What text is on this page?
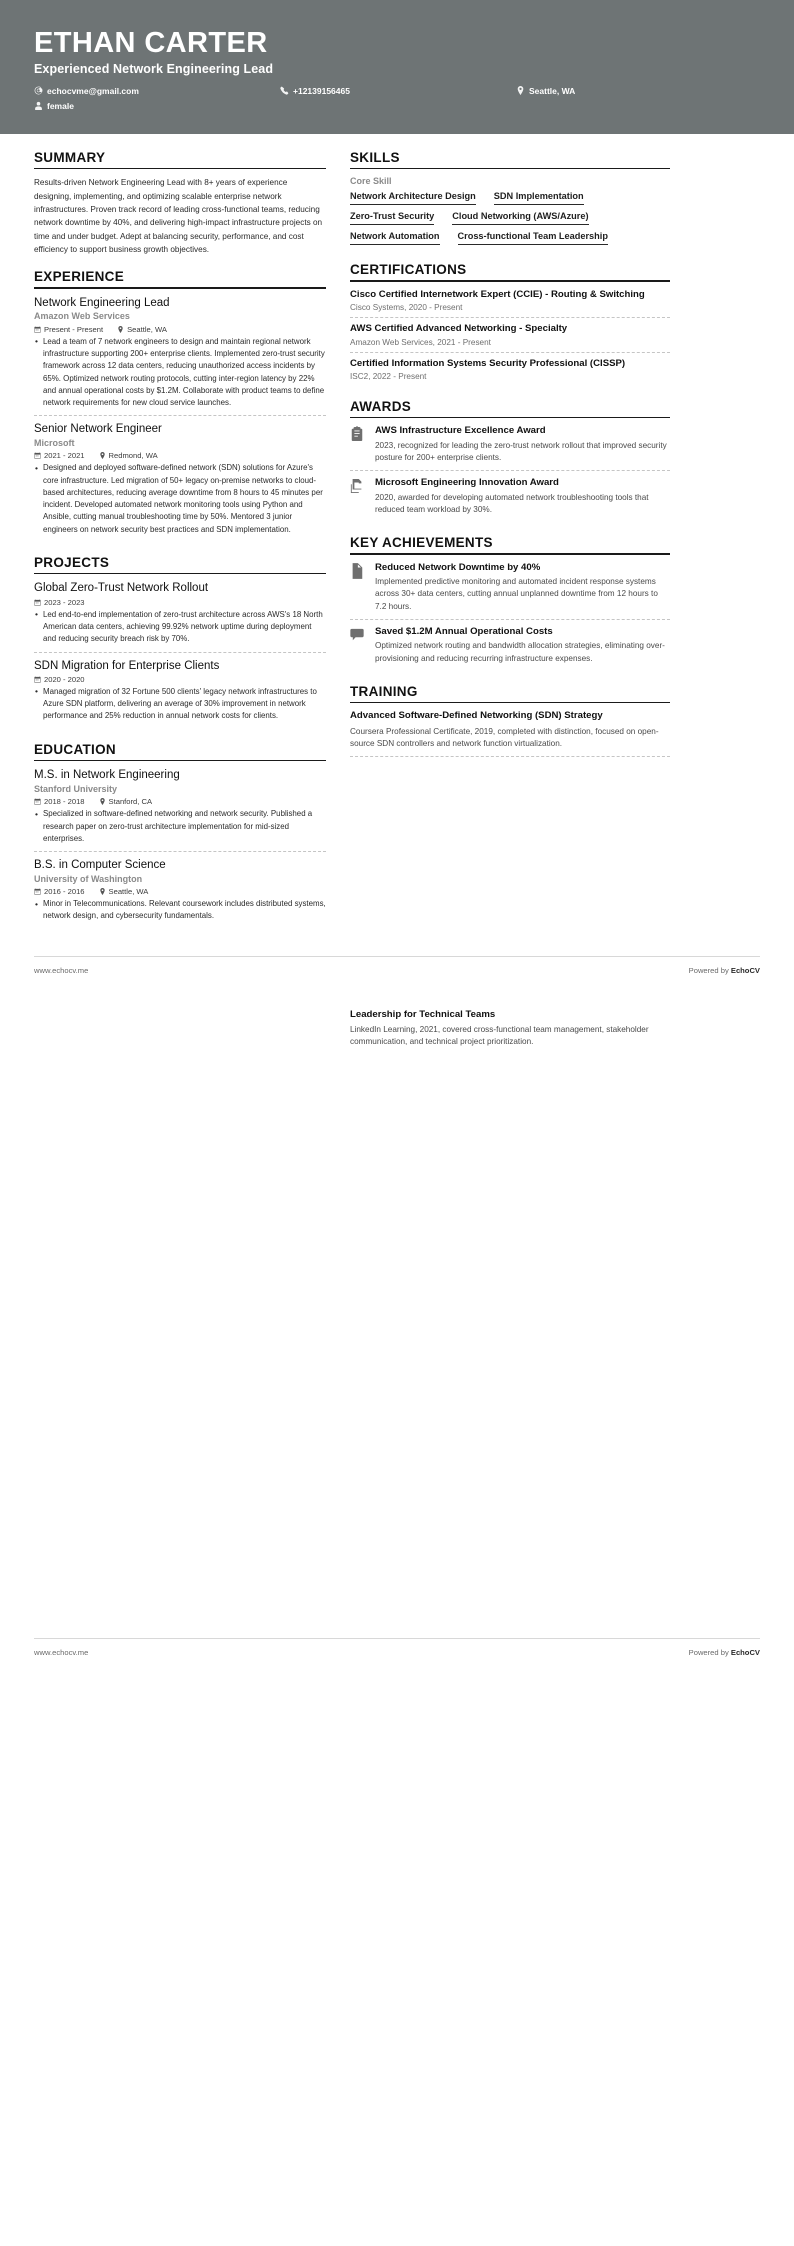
ETHAN CARTER
Experienced Network Engineering Lead
echocvme@gmail.com	+12139156465	Seattle, WA
female
SUMMARY
Results-driven Network Engineering Lead with 8+ years of experience designing, implementing, and optimizing scalable enterprise network infrastructures. Proven track record of leading cross-functional teams, reducing network downtime by 40%, and delivering high-impact infrastructure projects on time and under budget. Adept at balancing security, performance, and cost efficiency to support business growth objectives.
EXPERIENCE
Network Engineering Lead
Amazon Web Services
Present - Present	Seattle, WA
• Lead a team of 7 network engineers to design and maintain regional network infrastructure supporting 200+ enterprise clients. Implemented zero-trust security framework across 12 data centers, reducing unauthorized access incidents by 65%. Optimized network routing protocols, cutting inter-region latency by 22% and annual operational costs by $1.2M. Collaborate with product teams to define network requirements for new cloud service launches.
Senior Network Engineer
Microsoft
2021 - 2021	Redmond, WA
• Designed and deployed software-defined network (SDN) solutions for Azure's core infrastructure. Led migration of 50+ legacy on-premise networks to cloud-based architectures, reducing average downtime from 8 hours to 45 minutes per incident. Developed automated network monitoring tools using Python and Ansible, cutting manual troubleshooting time by 50%. Mentored 3 junior engineers on network security best practices and SDN implementation.
PROJECTS
Global Zero-Trust Network Rollout
2023 - 2023
• Led end-to-end implementation of zero-trust architecture across AWS's 18 North American data centers, achieving 99.92% network uptime during deployment and reducing security breach risk by 70%.
SDN Migration for Enterprise Clients
2020 - 2020
• Managed migration of 32 Fortune 500 clients' legacy network infrastructures to Azure SDN platform, delivering an average of 30% improvement in network performance and 25% reduction in annual network costs for clients.
EDUCATION
M.S. in Network Engineering
Stanford University
2018 - 2018	Stanford, CA
• Specialized in software-defined networking and network security. Published a research paper on zero-trust architecture implementation for mid-sized enterprises.
B.S. in Computer Science
University of Washington
2016 - 2016	Seattle, WA
• Minor in Telecommunications. Relevant coursework includes distributed systems, network design, and cybersecurity fundamentals.
SKILLS
Core Skill
Network Architecture Design SDN Implementation
Zero-Trust Security Cloud Networking (AWS/Azure)
Network Automation Cross-functional Team Leadership
CERTIFICATIONS
Cisco Certified Internetwork Expert (CCIE) - Routing & Switching
Cisco Systems, 2020 - Present
AWS Certified Advanced Networking - Specialty
Amazon Web Services, 2021 - Present
Certified Information Systems Security Professional (CISSP)
ISC2, 2022 - Present
AWARDS
AWS Infrastructure Excellence Award
2023, recognized for leading the zero-trust network rollout that improved security posture for 200+ enterprise clients.
Microsoft Engineering Innovation Award
2020, awarded for developing automated network troubleshooting tools that reduced team workload by 30%.
KEY ACHIEVEMENTS
Reduced Network Downtime by 40%
Implemented predictive monitoring and automated incident response systems across 30+ data centers, cutting annual unplanned downtime from 12 hours to 7.2 hours.
Saved $1.2M Annual Operational Costs
Optimized network routing and bandwidth allocation strategies, eliminating over-provisioning and reducing recurring infrastructure expenses.
TRAINING
Advanced Software-Defined Networking (SDN) Strategy
Coursera Professional Certificate, 2019, completed with distinction, focused on open-source SDN controllers and network function virtualization.
www.echocv.me	Powered by EchoCV
Leadership for Technical Teams
LinkedIn Learning, 2021, covered cross-functional team management, stakeholder communication, and technical project prioritization.
www.echocv.me	Powered by EchoCV
